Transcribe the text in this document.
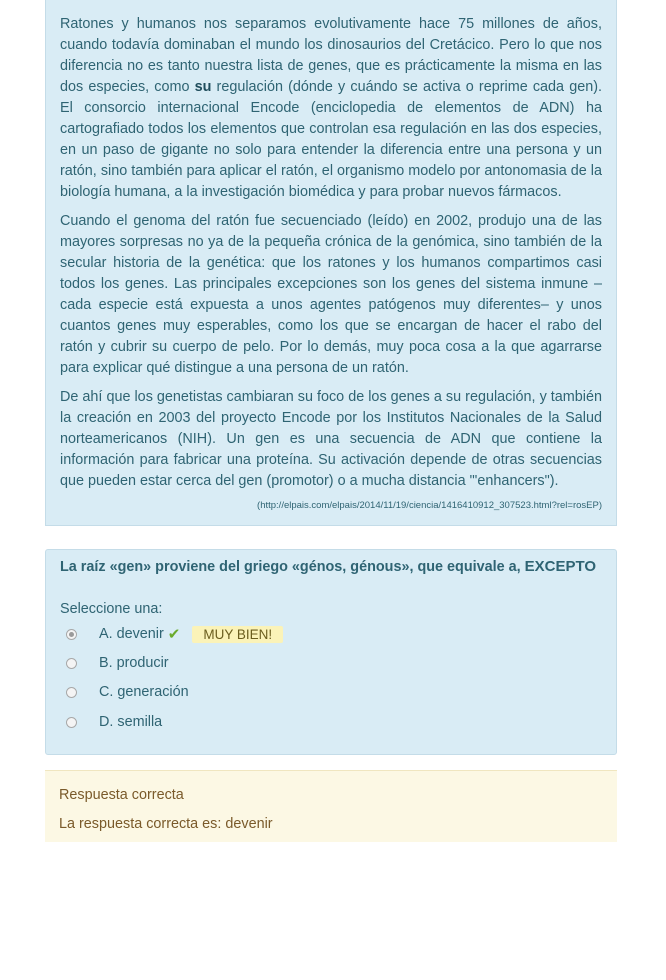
Ratones y humanos nos separamos evolutivamente hace 75 millones de años, cuando todavía dominaban el mundo los dinosaurios del Cretácico. Pero lo que nos diferencia no es tanto nuestra lista de genes, que es prácticamente la misma en las dos especies, como su regulación (dónde y cuándo se activa o reprime cada gen). El consorcio internacional Encode (enciclopedia de elementos de ADN) ha cartografiado todos los elementos que controlan esa regulación en las dos especies, en un paso de gigante no solo para entender la diferencia entre una persona y un ratón, sino también para aplicar el ratón, el organismo modelo por antonomasia de la biología humana, a la investigación biomédica y para probar nuevos fármacos.

Cuando el genoma del ratón fue secuenciado (leído) en 2002, produjo una de las mayores sorpresas no ya de la pequeña crónica de la genómica, sino también de la secular historia de la genética: que los ratones y los humanos compartimos casi todos los genes. Las principales excepciones son los genes del sistema inmune –cada especie está expuesta a unos agentes patógenos muy diferentes– y unos cuantos genes muy esperables, como los que se encargan de hacer el rabo del ratón y cubrir su cuerpo de pelo. Por lo demás, muy poca cosa a la que agarrarse para explicar qué distingue a una persona de un ratón.

De ahí que los genetistas cambiaran su foco de los genes a su regulación, y también la creación en 2003 del proyecto Encode por los Institutos Nacionales de la Salud norteamericanos (NIH). Un gen es una secuencia de ADN que contiene la información para fabricar una proteína. Su activación depende de otras secuencias que pueden estar cerca del gen (promotor) o a mucha distancia "'enhancers").

(http://elpais.com/elpais/2014/11/19/ciencia/1416410912_307523.html?rel=rosEP)
La raíz «gen» proviene del griego «génos, génous», que equivale a, EXCEPTO
Seleccione una:
A. devenir ✔	MUY BIEN!
B. producir
C. generación
D. semilla
Respuesta correcta
La respuesta correcta es: devenir
